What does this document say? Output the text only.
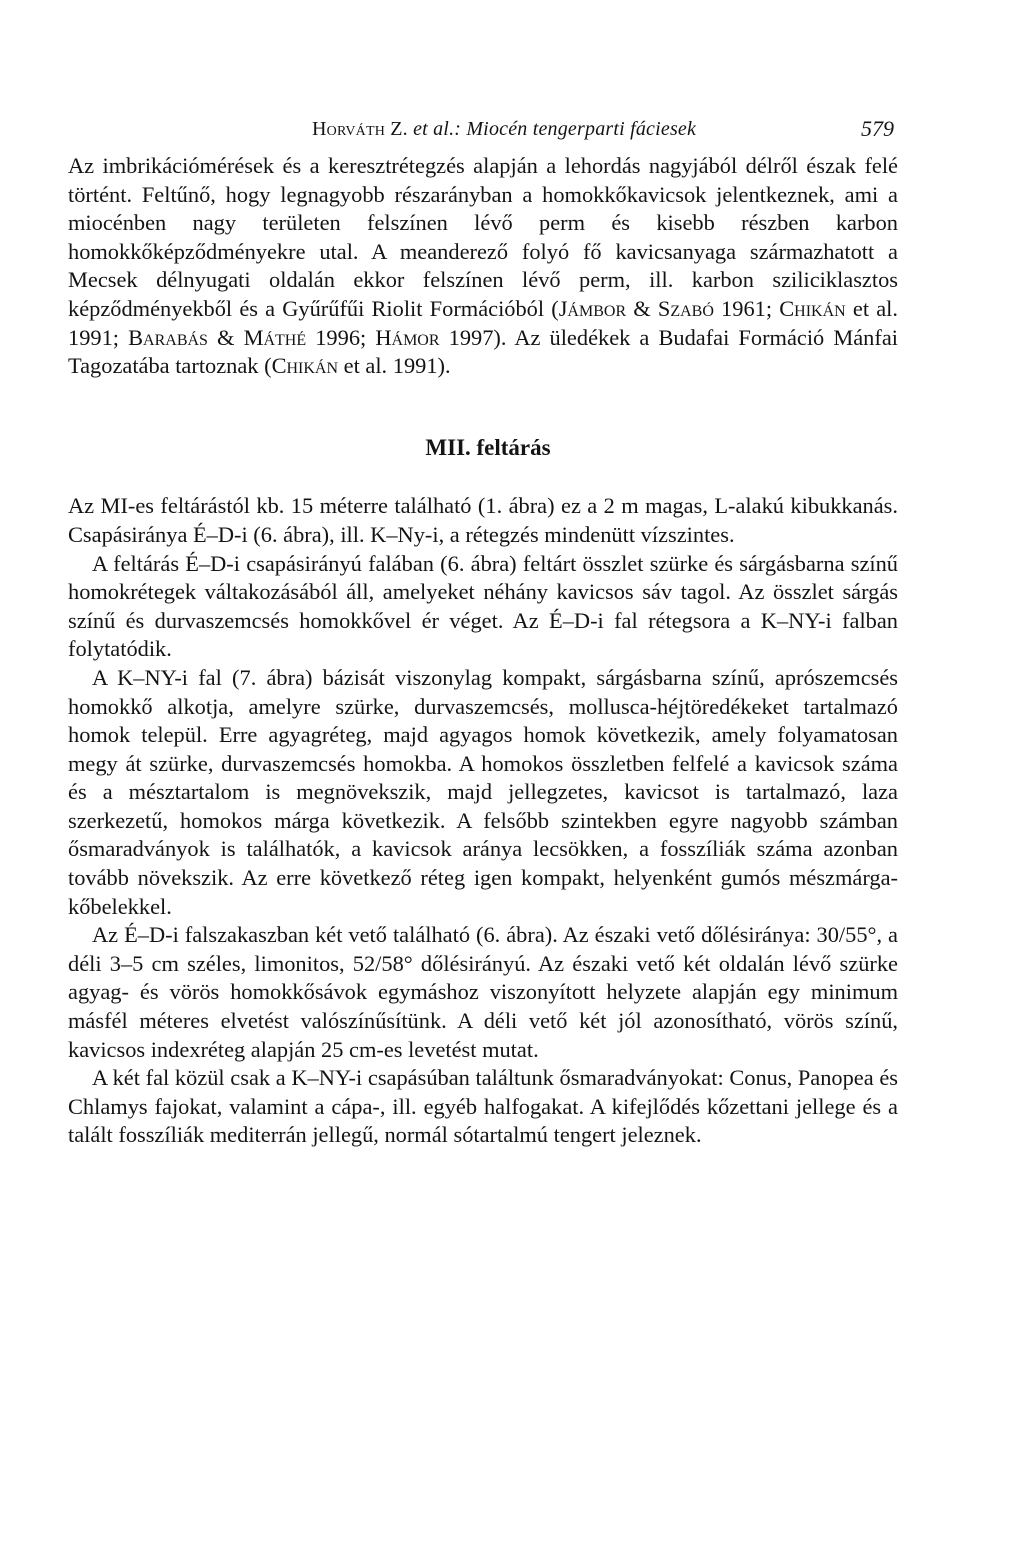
Horváth Z. et al.: Miocén tengerparti fáciesek	579

Az imbrikációmérések és a keresztrétegzés alapján a lehordás nagyjából délről észak felé történt. Feltűnő, hogy legnagyobb részarányban a homokkőkavicsok jelentkeznek, ami a miocénben nagy területen felszínen lévő perm és kisebb részben karbon homokkőképződményekre utal. A meanderező folyó fő kavicsanyaga származhatott a Mecsek délnyugati oldalán ekkor felszínen lévő perm, ill. karbon sziliciklasztos képződményekből és a Gyűrűfűi Riolit Formációból (Jámbor & Szabó 1961; Chikán et al. 1991; Barabás & Máthé 1996; Hámor 1997). Az üledékek a Budafai Formáció Mánfai Tagozatába tartoznak (Chikán et al. 1991).

MII. feltárás

Az MI-es feltárástól kb. 15 méterre található (1. ábra) ez a 2 m magas, L-alakú kibukkanás. Csapásiránya É–D-i (6. ábra), ill. K–Ny-i, a rétegzés mindenütt vízszintes.

A feltárás É–D-i csapásirányú falában (6. ábra) feltárt összlet szürke és sárgásbarna színű homokrétegek váltakozásából áll, amelyeket néhány kavicsos sáv tagol. Az összlet sárgás színű és durvaszemcsés homokkővel ér véget. Az É–D-i fal rétegsora a K–NY-i falban folytatódik.

A K–NY-i fal (7. ábra) bázisát viszonylag kompakt, sárgásbarna színű, aprószemcsés homokkő alkotja, amelyre szürke, durvaszemcsés, mollusca-héjtöredékeket tartalmazó homok települ. Erre agyagréteg, majd agyagos homok következik, amely folyamatosan megy át szürke, durvaszemcsés homokba. A homokos összletben felfelé a kavicsok száma és a mésztartalom is megnövekszik, majd jellegzetes, kavicsot is tartalmazó, laza szerkezetű, homokos márga következik. A felsőbb szintekben egyre nagyobb számban ősmaradványok is találhatók, a kavicsok aránya lecsökken, a fosszíliák száma azonban tovább növekszik. Az erre következő réteg igen kompakt, helyenként gumós mészmárga-kőbelekkel.

Az É–D-i falszakaszban két vető található (6. ábra). Az északi vető dőlésiránya: 30/55°, a déli 3–5 cm széles, limonitos, 52/58° dőlésirányú. Az északi vető két oldalán lévő szürke agyag- és vörös homokkősávok egymáshoz viszonyított helyzete alapján egy minimum másfél méteres elvetést valószínűsítünk. A déli vető két jól azonosítható, vörös színű, kavicsos indexréteg alapján 25 cm-es levetést mutat.

A két fal közül csak a K–NY-i csapásúban találtunk ősmaradványokat: Conus, Panopea és Chlamys fajokat, valamint a cápa-, ill. egyéb halfogakat. A kifejlődés kőzettani jellege és a talált fosszíliák mediterrán jellegű, normál sótartalmú tengert jeleznek.
